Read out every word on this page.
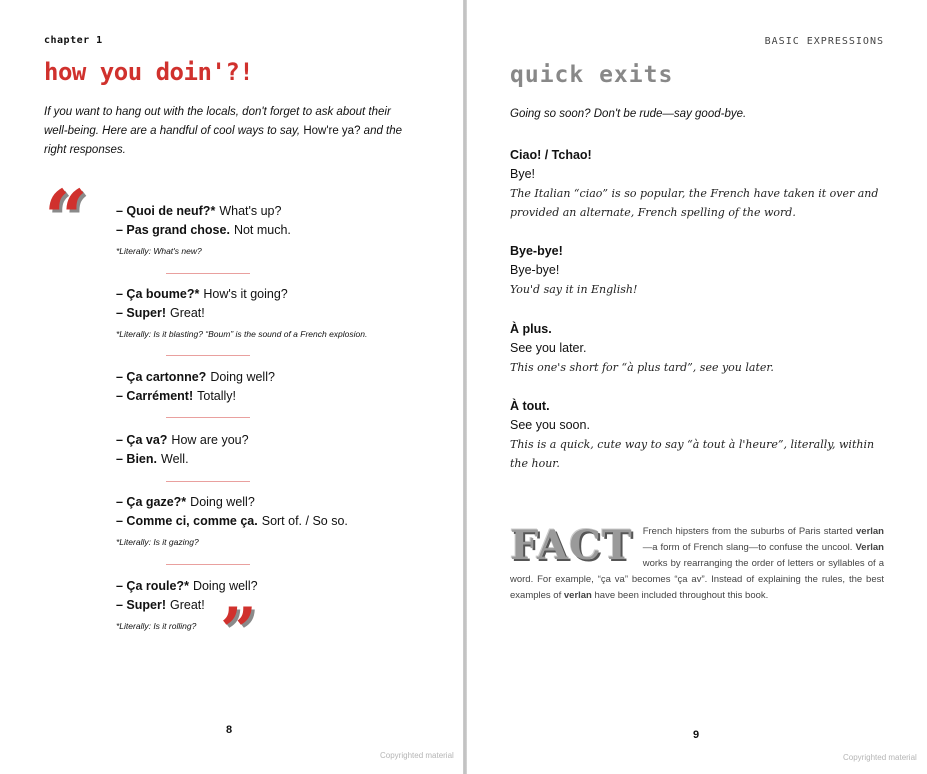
chapter 1
how you doin'?!

If you want to hang out with the locals, don't forget to ask about their well-being. Here are a handful of cool ways to say, How're ya? and the right responses.

“ – Quoi de neuf?* What's up?
– Pas grand chose. Not much.
*Literally: What's new?
– Ça boume?* How's it going?
– Super! Great!
*Literally: Is it blasting? “Boum” is the sound of a French explosion.
– Ça cartonne? Doing well?
– Carrément! Totally!
– Ça va? How are you?
– Bien. Well.
– Ça gaze?* Doing well?
– Comme ci, comme ça. Sort of. / So so.
*Literally: Is it gazing?
– Ça roule?* Doing well?
– Super! Great!
*Literally: Is it rolling? ”
8
Copyrighted material
BASIC EXPRESSIONS
quick exits

Going so soon? Don't be rude—say good-bye.

Ciao! / Tchao!
Bye!
The Italian “ciao” is so popular, the French have taken it over and provided an alternate, French spelling of the word.
Bye-bye!
Bye-bye!
You'd say it in English!
À plus.
See you later.
This one's short for “à plus tard”, see you later.
À tout.
See you soon.
This is a quick, cute way to say “à tout à l'heure”, literally, within the hour.
FACT	French hipsters from the suburbs of Paris started verlan—a form of French slang—to confuse the uncool. Verlan works by rearranging the order of letters or syllables of a word. For example, “ça va” becomes “ça av”. Instead of explaining the rules, the best examples of verlan have been included throughout this book.
9
Copyrighted material
